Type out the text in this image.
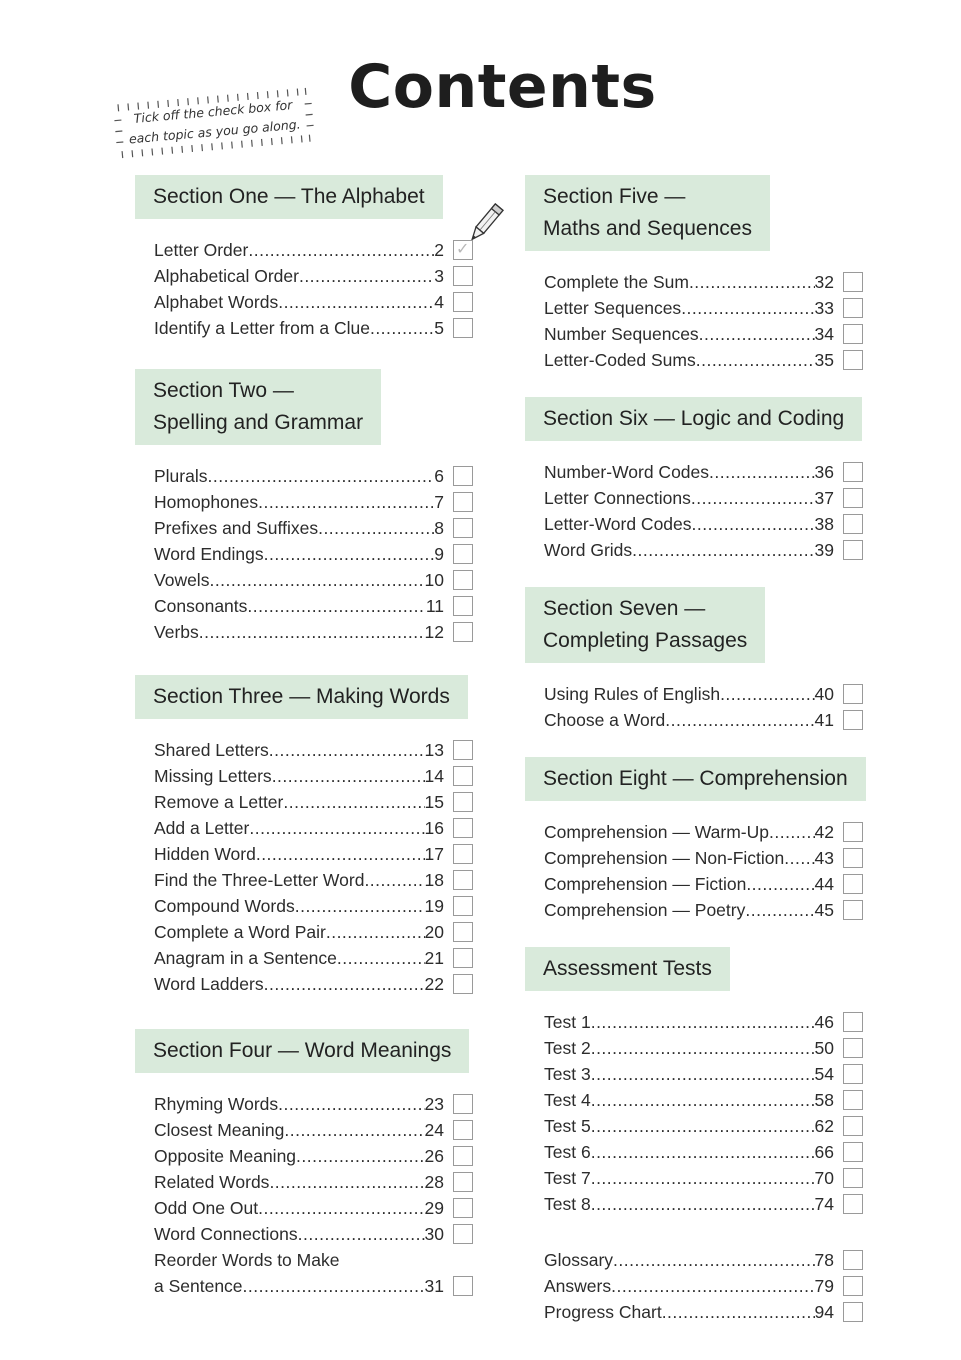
Contents
Tick off the check box for each topic as you go along.
Section One — The Alphabet
Letter Order .....	2 ✓
Alphabetical Order .....	3
Alphabet Words .....	4
Identify a Letter from a Clue .....	5
Section Two —
Spelling and Grammar
Plurals .....	6
Homophones .....	7
Prefixes and Suffixes .....	8
Word Endings .....	9
Vowels .....	10
Consonants .....	11
Verbs .....	12
Section Three — Making Words
Shared Letters .....	13
Missing Letters .....	14
Remove a Letter .....	15
Add a Letter .....	16
Hidden Word .....	17
Find the Three-Letter Word .....	18
Compound Words .....	19
Complete a Word Pair .....	20
Anagram in a Sentence .....	21
Word Ladders .....	22
Section Four — Word Meanings
Rhyming Words .....	23
Closest Meaning .....	24
Opposite Meaning .....	26
Related Words .....	28
Odd One Out .....	29
Word Connections .....	30
Reorder Words to Make
a Sentence .....	31
Section Five —
Maths and Sequences
Complete the Sum .....	32
Letter Sequences .....	33
Number Sequences .....	34
Letter-Coded Sums .....	35
Section Six — Logic and Coding
Number-Word Codes .....	36
Letter Connections .....	37
Letter-Word Codes .....	38
Word Grids .....	39
Section Seven —
Completing Passages
Using Rules of English .....	40
Choose a Word .....	41
Section Eight — Comprehension
Comprehension — Warm-Up .....	42
Comprehension — Non-Fiction ..... 43
Comprehension — Fiction .....	44
Comprehension — Poetry .....	45
Assessment Tests
Test 1 .....	46
Test 2 .....	50
Test 3 .....	54
Test 4 .....	58
Test 5 .....	62
Test 6 .....	66
Test 7 .....	70
Test 8 .....	74
Glossary .....	78
Answers .....	79
Progress Chart .....	94
